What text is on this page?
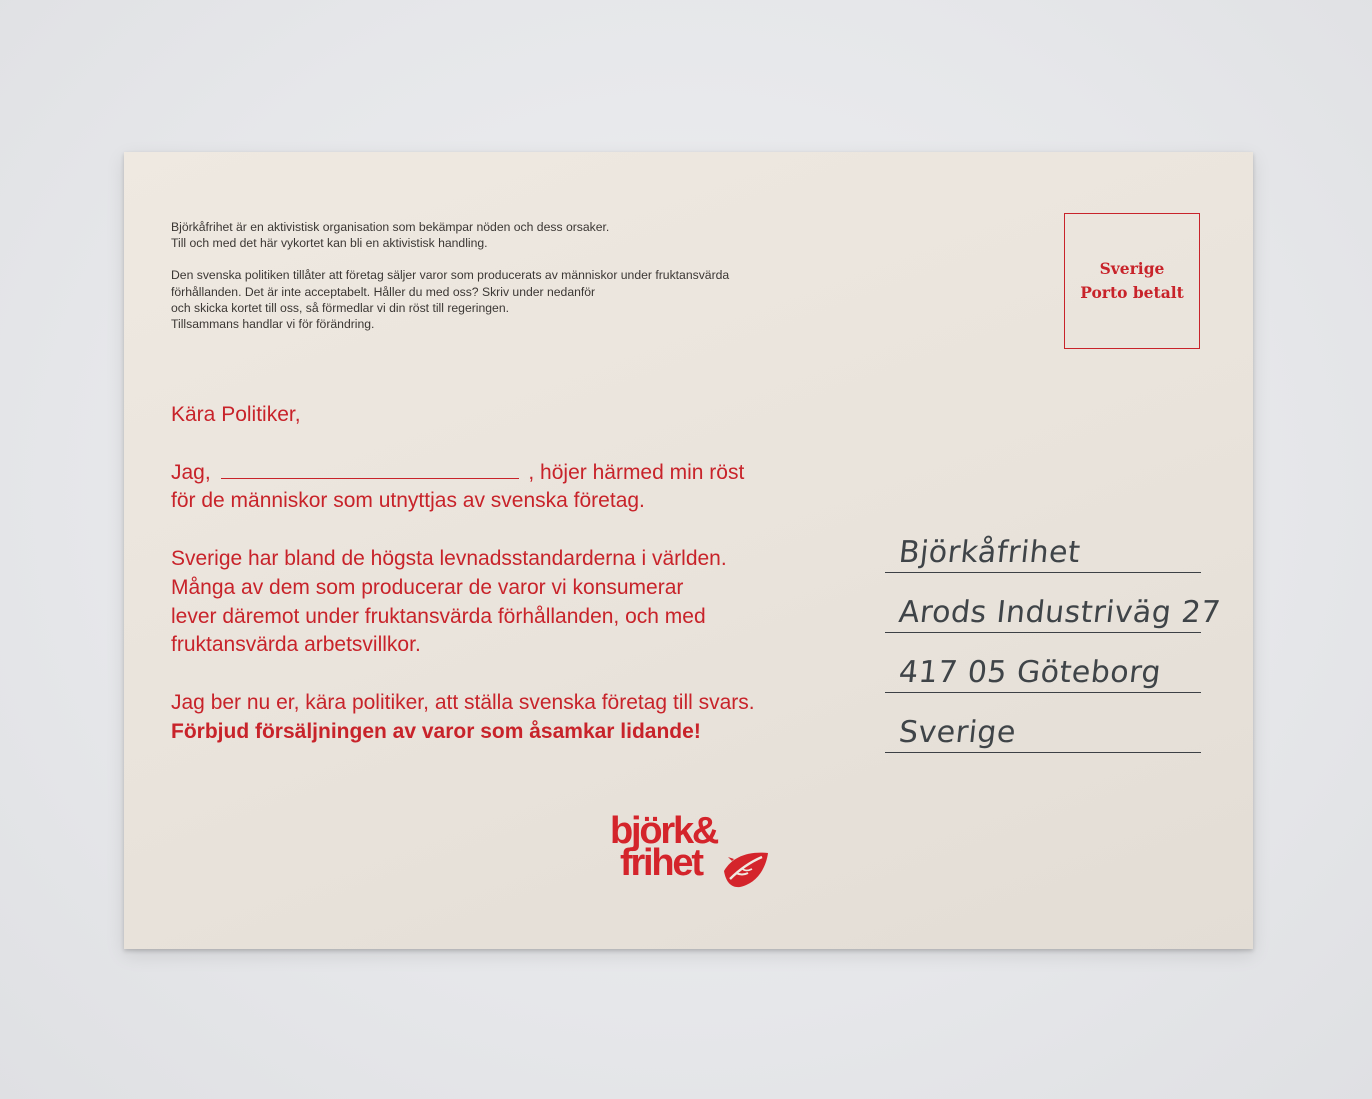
Björkåfrihet är en aktivistisk organisation som bekämpar nöden och dess orsaker.
Till och med det här vykortet kan bli en aktivistisk handling.

Den svenska politiken tillåter att företag säljer varor som producerats av människor under fruktansvärda
förhållanden. Det är inte acceptabelt. Håller du med oss? Skriv under nedanför
och skicka kortet till oss, så förmedlar vi din röst till regeringen.
Tillsammans handlar vi för förändring.

Sverige
Porto betalt

Kära Politiker,

Jag,	, höjer härmed min röst
för de människor som utnyttjas av svenska företag.

Sverige har bland de högsta levnadsstandarderna i världen.
Många av dem som producerar de varor vi konsumerar
lever däremot under fruktansvärda förhållanden, och med
fruktansvärda arbetsvillkor.

Jag ber nu er, kära politiker, att ställa svenska företag till svars.
Förbjud försäljningen av varor som åsamkar lidande!

Björkåfrihet
Arods Industriväg 27
417 05 Göteborg
Sverige
björk&
frihet
